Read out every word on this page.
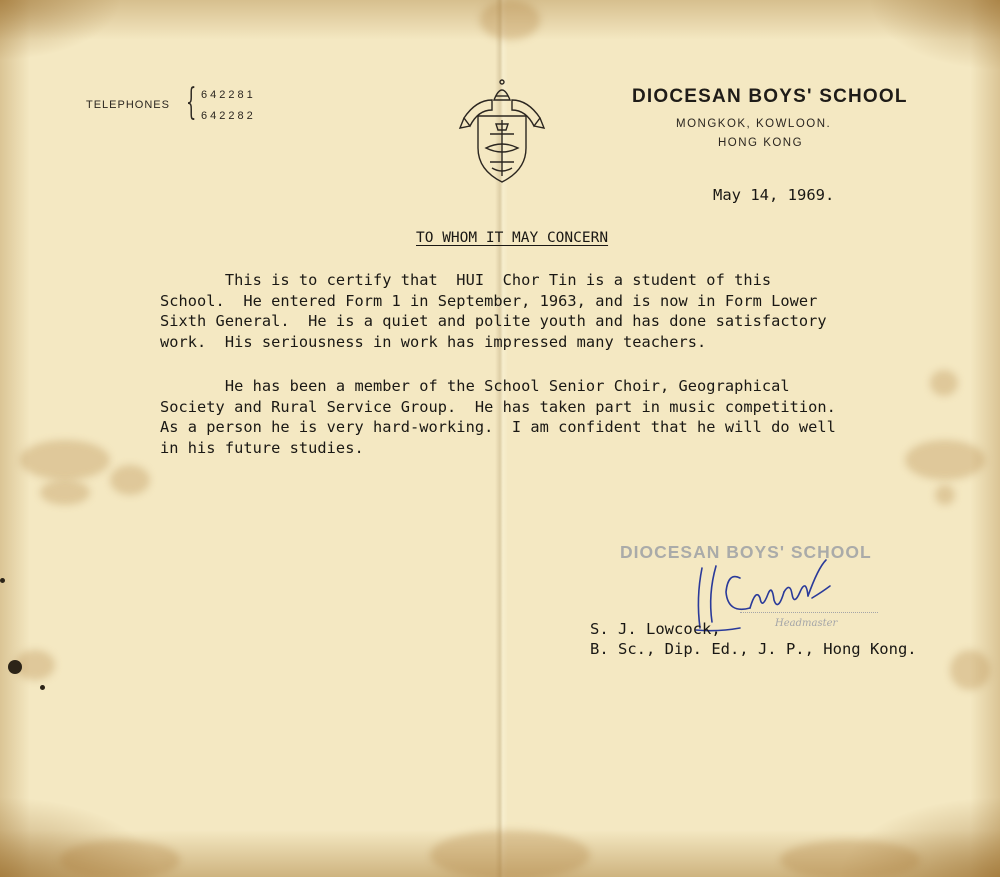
TELEPHONES { 642281
642282
DIOCESAN BOYS' SCHOOL
MONGKOK, KOWLOON.
HONG KONG
May 14, 1969.
TO WHOM IT MAY CONCERN
This is to certify that  HUI  Chor Tin is a student of this
School.  He entered Form 1 in September, 1963, and is now in Form Lower
Sixth General.  He is a quiet and polite youth and has done satisfactory
work.  His seriousness in work has impressed many teachers.
He has been a member of the School Senior Choir, Geographical
Society and Rural Service Group.  He has taken part in music competition.
As a person he is very hard-working.  I am confident that he will do well
in his future studies.
DIOCESAN BOYS' SCHOOL
Headmaster
S. J. Lowcock,
B. Sc., Dip. Ed., J. P., Hong Kong.
